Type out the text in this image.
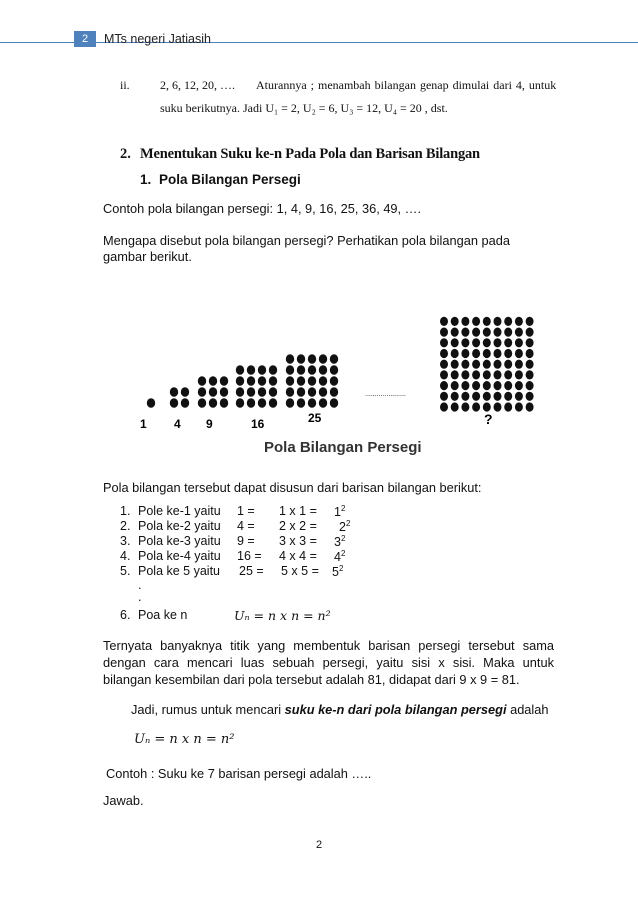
2	MTs negeri Jatiasih
ii.	2, 6, 12, 20, …. Aturannya ; menambah bilangan genap dimulai dari 4, untuk
suku berikutnya. Jadi U₁ = 2, U₂ = 6, U₃ = 12, U₄ = 20 , dst.
2. Menentukan Suku ke-n Pada Pola dan Barisan Bilangan
1. Pola Bilangan Persegi
Contoh pola bilangan persegi: 1, 4, 9, 16, 25, 36, 49, ….
Mengapa disebut pola bilangan persegi? Perhatikan pola bilangan pada gambar berikut.
1 4 9	16	25
.....................
?
Pola Bilangan Persegi
Pola bilangan tersebut dapat disusun dari barisan bilangan berikut:
1. Pole ke-1 yaitu 1 = 1 x $1 = 1^2$
2. Pola ke-2 yaitu 4 = 2 x $2 = 2^2$
3. Pola ke-3 yaitu 9 = 3 x $3 = 3^2$
4. Pola ke-4 yaitu 16 = 4 x $4 = 4^2$
5. Pola ke 5 yaitu 25 = 5 x $5 = 5^2$
.
.
6. Poa ke n	Uₙ = n x n = n²
Ternyata banyaknya titik yang membentuk barisan persegi tersebut sama dengan cara mencari luas sebuah persegi, yaitu sisi x sisi. Maka untuk bilangan kesembilan dari pola tersebut adalah 81, didapat dari 9 x 9 = 81.
Jadi, rumus untuk mencari suku ke-n dari pola bilangan persegi adalah
Uₙ = n x n = n²
Contoh : Suku ke 7 barisan persegi adalah …..
Jawab.
2
